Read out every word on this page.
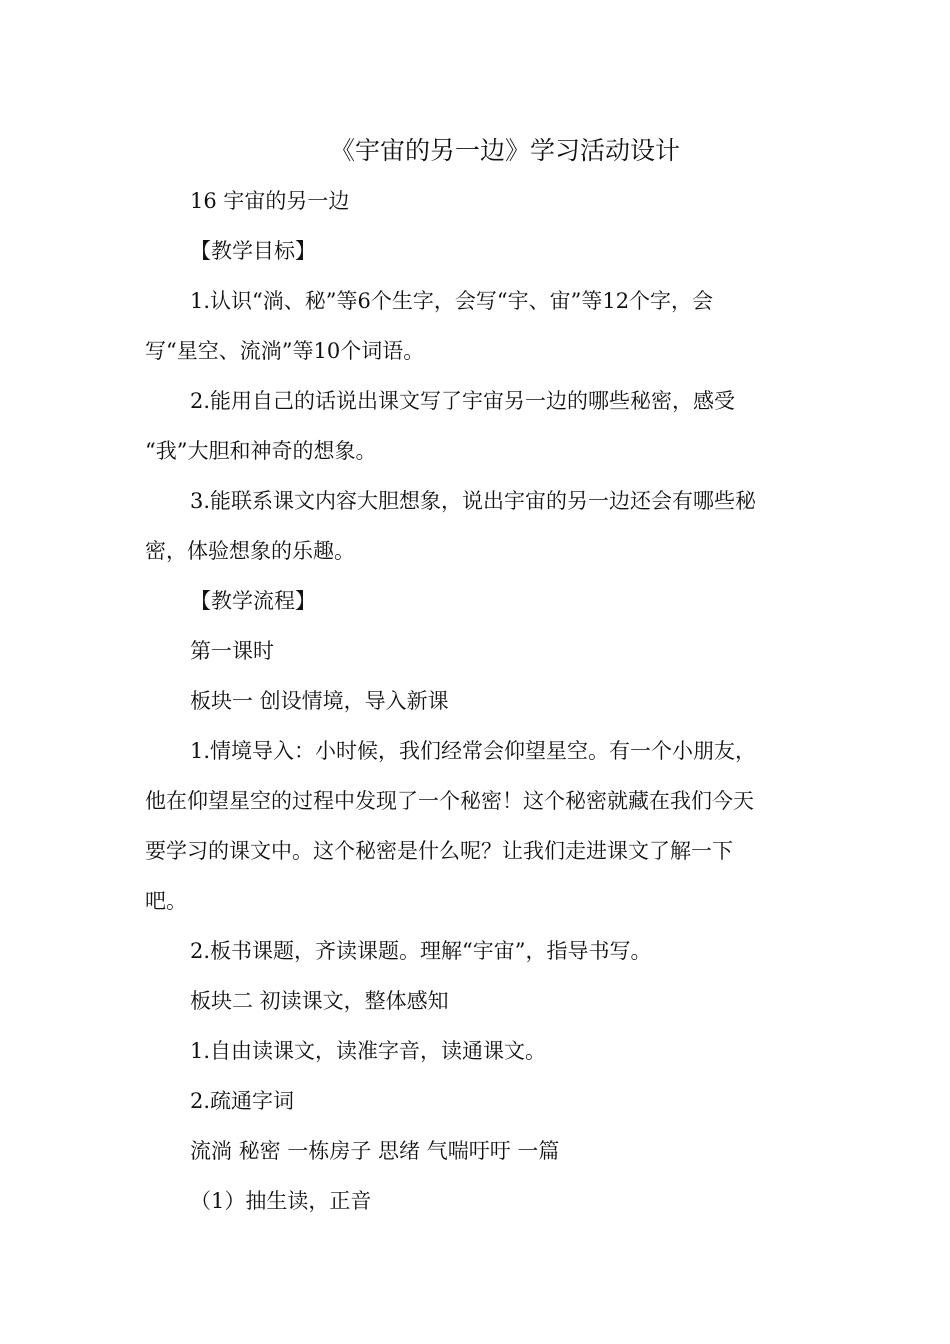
《宇宙的另一边》学习活动设计
16 宇宙的另一边
【教学目标】
1.认识“淌、秘”等6个生字，会写“宇、宙”等12个字，会
写“星空、流淌”等10个词语。
2.能用自己的话说出课文写了宇宙另一边的哪些秘密，感受
“我”大胆和神奇的想象。
3.能联系课文内容大胆想象，说出宇宙的另一边还会有哪些秘
密，体验想象的乐趣。
【教学流程】
第一课时
板块一 创设情境，导入新课
1.情境导入：小时候，我们经常会仰望星空。有一个小朋友，
他在仰望星空的过程中发现了一个秘密！这个秘密就藏在我们今天
要学习的课文中。这个秘密是什么呢？让我们走进课文了解一下
吧。
2.板书课题，齐读课题。理解“宇宙”，指导书写。
板块二 初读课文，整体感知
1.自由读课文，读准字音，读通课文。
2.疏通字词
流淌 秘密 一栋房子 思绪 气喘吁吁 一篇
（1）抽生读，正音
